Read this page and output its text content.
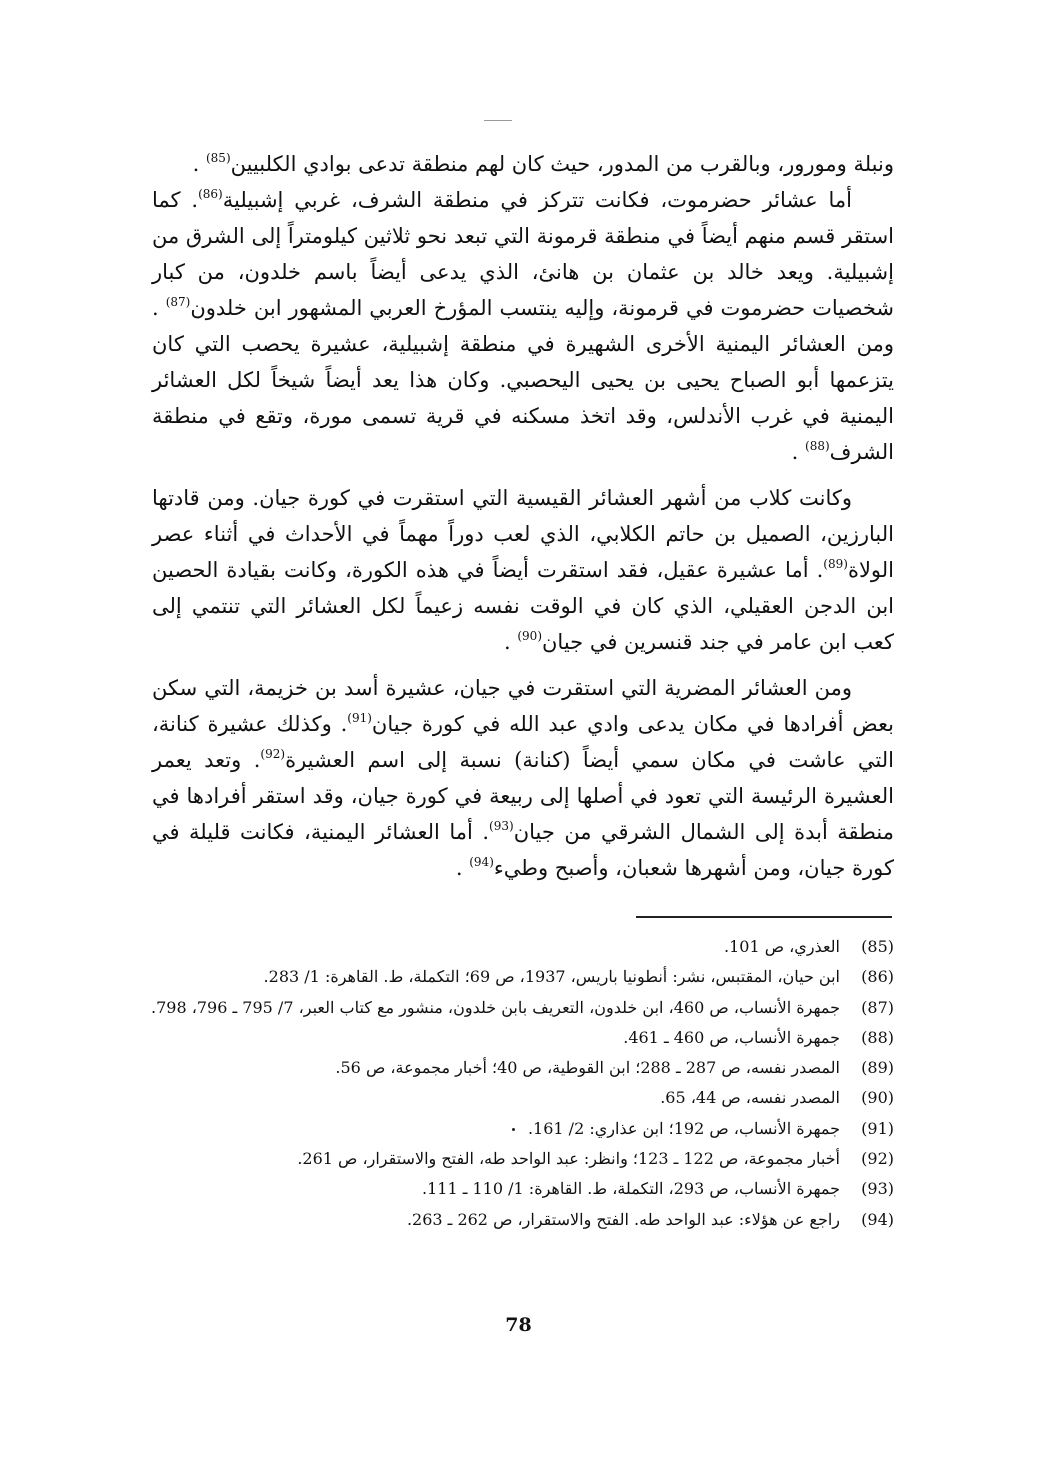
ونبلة ومورور، وبالقرب من المدور، حيث كان لهم منطقة تدعى بوادي الكلبيين$^{(85)}$ .

أما عشائر حضرموت، فكانت تتركز في منطقة الشرف، غربي إشبيلية$^{(86)}$. كما استقر قسم منهم أيضاً في منطقة قرمونة التي تبعد نحو ثلاثين كيلومتراً إلى الشرق من إشبيلية. ويعد خالد بن عثمان بن هانئ، الذي يدعى أيضاً باسم خلدون، من كبار شخصيات حضرموت في قرمونة، وإليه ينتسب المؤرخ العربي المشهور ابن خلدون$^{(87)}$ . ومن العشائر اليمنية الأخرى الشهيرة في منطقة إشبيلية، عشيرة يحصب التي كان يتزعمها أبو الصباح يحيى بن يحيى اليحصبي. وكان هذا يعد أيضاً شيخاً لكل العشائر اليمنية في غرب الأندلس، وقد اتخذ مسكنه في قرية تسمى مورة، وتقع في منطقة الشرف$^{(88)}$ .

وكانت كلاب من أشهر العشائر القيسية التي استقرت في كورة جيان. ومن قادتها البارزين، الصميل بن حاتم الكلابي، الذي لعب دوراً مهماً في الأحداث في أثناء عصر الولاة$^{(89)}$. أما عشيرة عقيل، فقد استقرت أيضاً في هذه الكورة، وكانت بقيادة الحصين ابن الدجن العقيلي، الذي كان في الوقت نفسه زعيماً لكل العشائر التي تنتمي إلى كعب ابن عامر في جند قنسرين في جيان$^{(90)}$ .

ومن العشائر المضرية التي استقرت في جيان، عشيرة أسد بن خزيمة، التي سكن بعض أفرادها في مكان يدعى وادي عبد الله في كورة جيان$^{(91)}$. وكذلك عشيرة كنانة، التي عاشت في مكان سمي أيضاً (كنانة) نسبة إلى اسم العشيرة$^{(92)}$. وتعد يعمر العشيرة الرئيسة التي تعود في أصلها إلى ربيعة في كورة جيان، وقد استقر أفرادها في منطقة أبدة إلى الشمال الشرقي من جيان$^{(93)}$. أما العشائر اليمنية، فكانت قليلة في كورة جيان، ومن أشهرها شعبان، وأصبح وطيء$^{(94)}$ .

(85)
العذري، ص 101.
(86)
ابن حيان، المقتبس، نشر: أنطونيا باريس، 1937، ص 69؛ التكملة، ط. القاهرة: 1/ 283.
(87)
جمهرة الأنساب، ص 460، ابن خلدون، التعريف بابن خلدون، منشور مع كتاب العبر، 7/ 795 ـ 796، 798.
(88)
جمهرة الأنساب، ص 460 ـ 461.
(89)
المصدر نفسه، ص 287 ـ 288؛ ابن القوطية، ص 40؛ أخبار مجموعة، ص 56.
(90)
المصدر نفسه، ص 44، 65.
(91)
جمهرة الأنساب، ص 192؛ ابن عذاري: 2/ 161.
(92)
أخبار مجموعة، ص 122 ـ 123؛ وانظر: عبد الواحد طه، الفتح والاستقرار، ص 261.
(93)
جمهرة الأنساب، ص 293، التكملة، ط. القاهرة: 1/ 110 ـ 111.
(94)
راجع عن هؤلاء: عبد الواحد طه. الفتح والاستقرار، ص 262 ـ 263.
78
